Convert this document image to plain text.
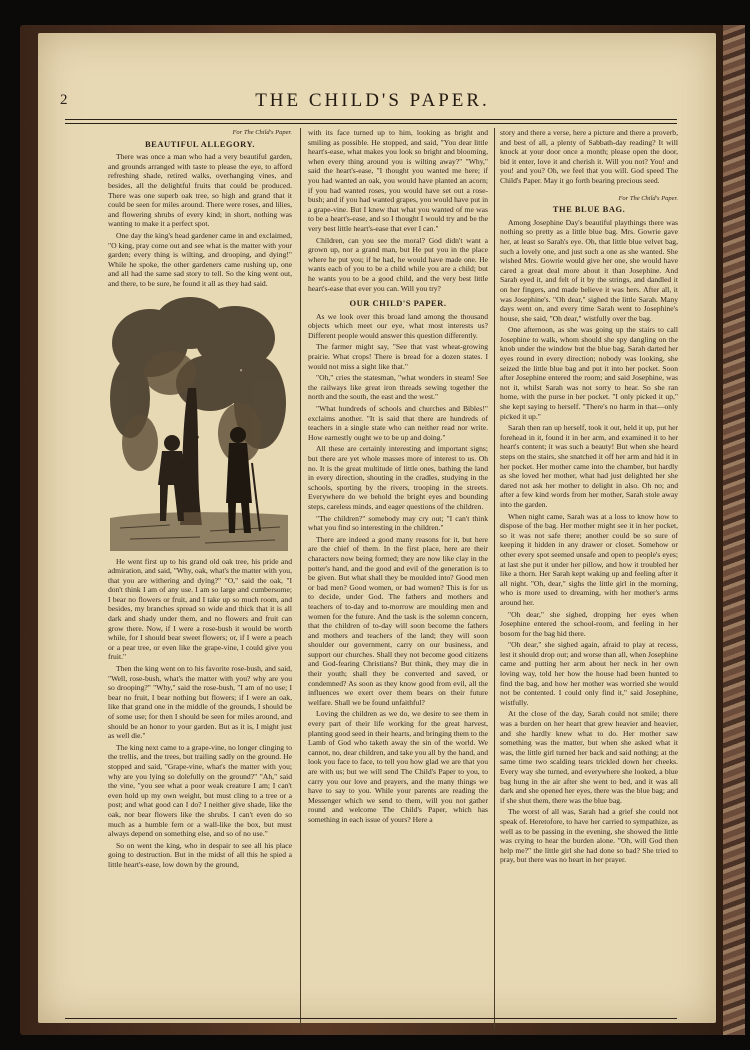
2	THE CHILD'S PAPER.
For The Child's Paper.
BEAUTIFUL ALLEGORY.

There was once a man who had a very beautiful garden, and grounds arranged with taste to please the eye, to afford refreshing shade, retired walks, overhanging vines, and besides, all the delightful fruits that could be produced. There was one superb oak tree, so high and grand that it could be seen for miles around. There were roses, and lilies, and flowering shrubs of every kind; in short, nothing was wanting to make it a perfect spot.

One day the king's head gardener came in and exclaimed, "O king, pray come out and see what is the matter with your garden; every thing is wilting, and drooping, and dying!" While he spoke, the other gardeners came rushing up, one and all had the same sad story to tell. So the king went out, and there, to be sure, he found it all as they had said.

He went first up to his grand old oak tree, his pride and admiration, and said, "Why, oak, what's the matter with you, that you are withering and dying?" "O," said the oak, "I don't think I am of any use. I am so large and cumbersome; I bear no flowers or fruit, and I take up so much room, and besides, my branches spread so wide and thick that it is all dark and shady under them, and no flowers and fruit can grow there. Now, if I were a rose-bush it would be worth while, for I should bear sweet flowers; or, if I were a peach or a pear tree, or even like the grape-vine, I could give you fruit."

Then the king went on to his favorite rose-bush, and said, "Well, rose-bush, what's the matter with you? why are you so drooping?" "Why," said the rose-bush, "I am of no use; I bear no fruit, I bear nothing but flowers; if I were an oak, like that grand one in the middle of the grounds, I should be of some use; for then I should be seen for miles around, and should be an honor to your garden. But as it is, I might just as well die."

The king next came to a grape-vine, no longer clinging to the trellis, and the trees, but trailing sadly on the ground. He stopped and said, "Grape-vine, what's the matter with you; why are you lying so dolefully on the ground?" "Ah," said the vine, "you see what a poor weak creature I am; I can't even hold up my own weight, but must cling to a tree or a post; and what good can I do? I neither give shade, like the oak, nor bear flowers like the shrubs. I can't even do so much as a humble fern or a wall-like the box, but must always depend on something else, and so of no use."

So on went the king, who in despair to see all his place going to destruction. But in the midst of all this he spied a little heart's-ease, low down by the ground,

with its face turned up to him, looking as bright and smiling as possible. He stopped, and said, "You dear little heart's-ease, what makes you look so bright and blooming, when every thing around you is wilting away?" "Why," said the heart's-ease, "I thought you wanted me here; if you had wanted an oak, you would have planted an acorn; if you had wanted roses, you would have set out a rose-bush; and if you had wanted grapes, you would have put in a grape-vine. But I knew that what you wanted of me was to be a heart's-ease, and so I thought I would try and be the very best little heart's-ease that ever I can."

Children, can you see the moral? God didn't want a grown up, nor a grand man, but He put you in the place where he put you; if he had, he would have made one. He wants each of you to be a child while you are a child; but he wants you to be a good child, and the very best little heart's-ease that ever you can. Will you try?

OUR CHILD'S PAPER.

As we look over this broad land among the thousand objects which meet our eye, what most interests us? Different people would answer this question differently.

The farmer might say, "See that vast wheat-growing prairie. What crops! There is bread for a dozen states. I would not miss a sight like that."

"Oh," cries the statesman, "what wonders in steam! See the railways like great iron threads sewing together the north and the south, the east and the west."

"What hundreds of schools and churches and Bibles!" exclaims another. "It is said that there are hundreds of teachers in a single state who can neither read nor write. How earnestly ought we to be up and doing."

All these are certainly interesting and important signs; but there are yet whole masses more of interest to us. Oh no. It is the great multitude of little ones, bathing the land in every direction, shouting in the cradles, studying in the schools, sporting by the rivers, trooping in the streets. Everywhere do we behold the bright eyes and bounding steps, careless minds, and eager questions of the children.

"The children?" somebody may cry out; "I can't think what you find so interesting in the children."

There are indeed a good many reasons for it, but here are the chief of them. In the first place, here are their characters now being formed; they are now like clay in the potter's hand, and the good and evil of the generation is to be given. But what shall they be moulded into? Good men or bad men? Good women, or bad women? This is for us to decide, under God. The fathers and mothers and teachers of to-day and to-morrow are moulding men and women for the future. And the task is the solemn concern, that the children of to-day will soon become the fathers and mothers and teachers of the land; they will soon shoulder our government, carry on our business, and support our churches. Shall they not become good citizens and God-fearing Christians? But think, they may die in their youth; shall they be converted and saved, or condemned? As soon as they know good from evil, all the influences we exert over them bears on their future welfare. Shall we be found unfaithful?

Loving the children as we do, we desire to see them in every part of their life working for the great harvest, planting good seed in their hearts, and bringing them to the Lamb of God who taketh away the sin of the world. We cannot, no, dear children, and take you all by the hand, and look you face to face, to tell you how glad we are that you are with us; but we will send The Child's Paper to you, to carry you our love and prayers, and the many things we have to say to you. While your parents are reading the Messenger which we send to them, will you not gather round and welcome The Child's Paper, which has something in each issue of yours? Here a

story and there a verse, here a picture and there a proverb, and best of all, a plenty of Sabbath-day reading? It will knock at your door once a month; please open the door, bid it enter, love it and cherish it. Will you not? You! and you! and you? Oh, we feel that you will. God speed The Child's Paper. May it go forth bearing precious seed.

For The Child's Paper.
THE BLUE BAG.

Among Josephine Day's beautiful playthings there was nothing so pretty as a little blue bag. Mrs. Gowrie gave her, at least so Sarah's eye. Oh, that little blue velvet bag, such a lovely one, and just such a one as she wanted. She wished Mrs. Gowrie would give her one, she would have cared a great deal more about it than Josephine. And Sarah eyed it, and felt of it by the strings, and dandled it on her fingers, and made believe it was hers. After all, it was Josephine's. "Oh dear," sighed the little Sarah. Many days went on, and every time Sarah went to Josephine's house, she said, "Oh dear," wistfully over the bag.

One afternoon, as she was going up the stairs to call Josephine to walk, whom should she spy dangling on the knob under the window but the blue bag. Sarah darted her eyes round in every direction; nobody was looking, she seized the little blue bag and put it into her pocket. Soon after Josephine entered the room; and said Josephine, was not it, whilst Sarah was not sorry to hear. So she ran home, with the purse in her pocket. "I only picked it up," she kept saying to herself. "There's no harm in that—only picked it up."

Sarah then ran up herself, took it out, held it up, put her forehead in it, found it in her arm, and examined it to her heart's content; it was such a beauty! But when she heard steps on the stairs, she snatched it off her arm and hid it in her pocket. Her mother came into the chamber, but hardly as she loved her mother, what had just delighted her she dared not ask her mother to delight in also. Oh no; and after a few kind words from her mother, Sarah stole away into the garden.

When night came, Sarah was at a loss to know how to dispose of the bag. Her mother might see it in her pocket, so it was not safe there; another could be so sure of keeping it hidden in any drawer or closet. Somehow or other every spot seemed unsafe and open to people's eyes; at last she put it under her pillow, and how it troubled her like a thorn. Her Sarah kept waking up and feeling after it all night. "Oh, dear," sighs the little girl in the morning, who is more used to dreaming, with her mother's arms around her.

"Oh dear," she sighed, dropping her eyes when Josephine entered the school-room, and feeling in her bosom for the bag hid there.

"Oh dear," she sighed again, afraid to play at recess, lest it should drop out; and worse than all, when Josephine came and putting her arm about her neck in her own loving way, told her how the house had been hunted to find the bag, and how her mother was worried she would not be contented. I could only find it," said Josephine, wistfully.

At the close of the day, Sarah could not smile; there was a burden on her heart that grew heavier and heavier, and she hardly knew what to do. Her mother saw something was the matter, but when she asked what it was, the little girl turned her back and said nothing; at the same time two scalding tears trickled down her cheeks. Every way she turned, and everywhere she looked, a blue bag hung in the air after she went to bed, and it was all dark and she opened her eyes, there was the blue bag; and if she shut them, there was the blue bag.

The worst of all was, Sarah had a grief she could not speak of. Heretofore, to have her carried to sympathize, as well as to be passing in the evening, she showed the little was crying to hear the burden alone. "Oh, will God then help me?" the little girl she had done so bad? She tried to pray, but there was no heart in her prayer.
